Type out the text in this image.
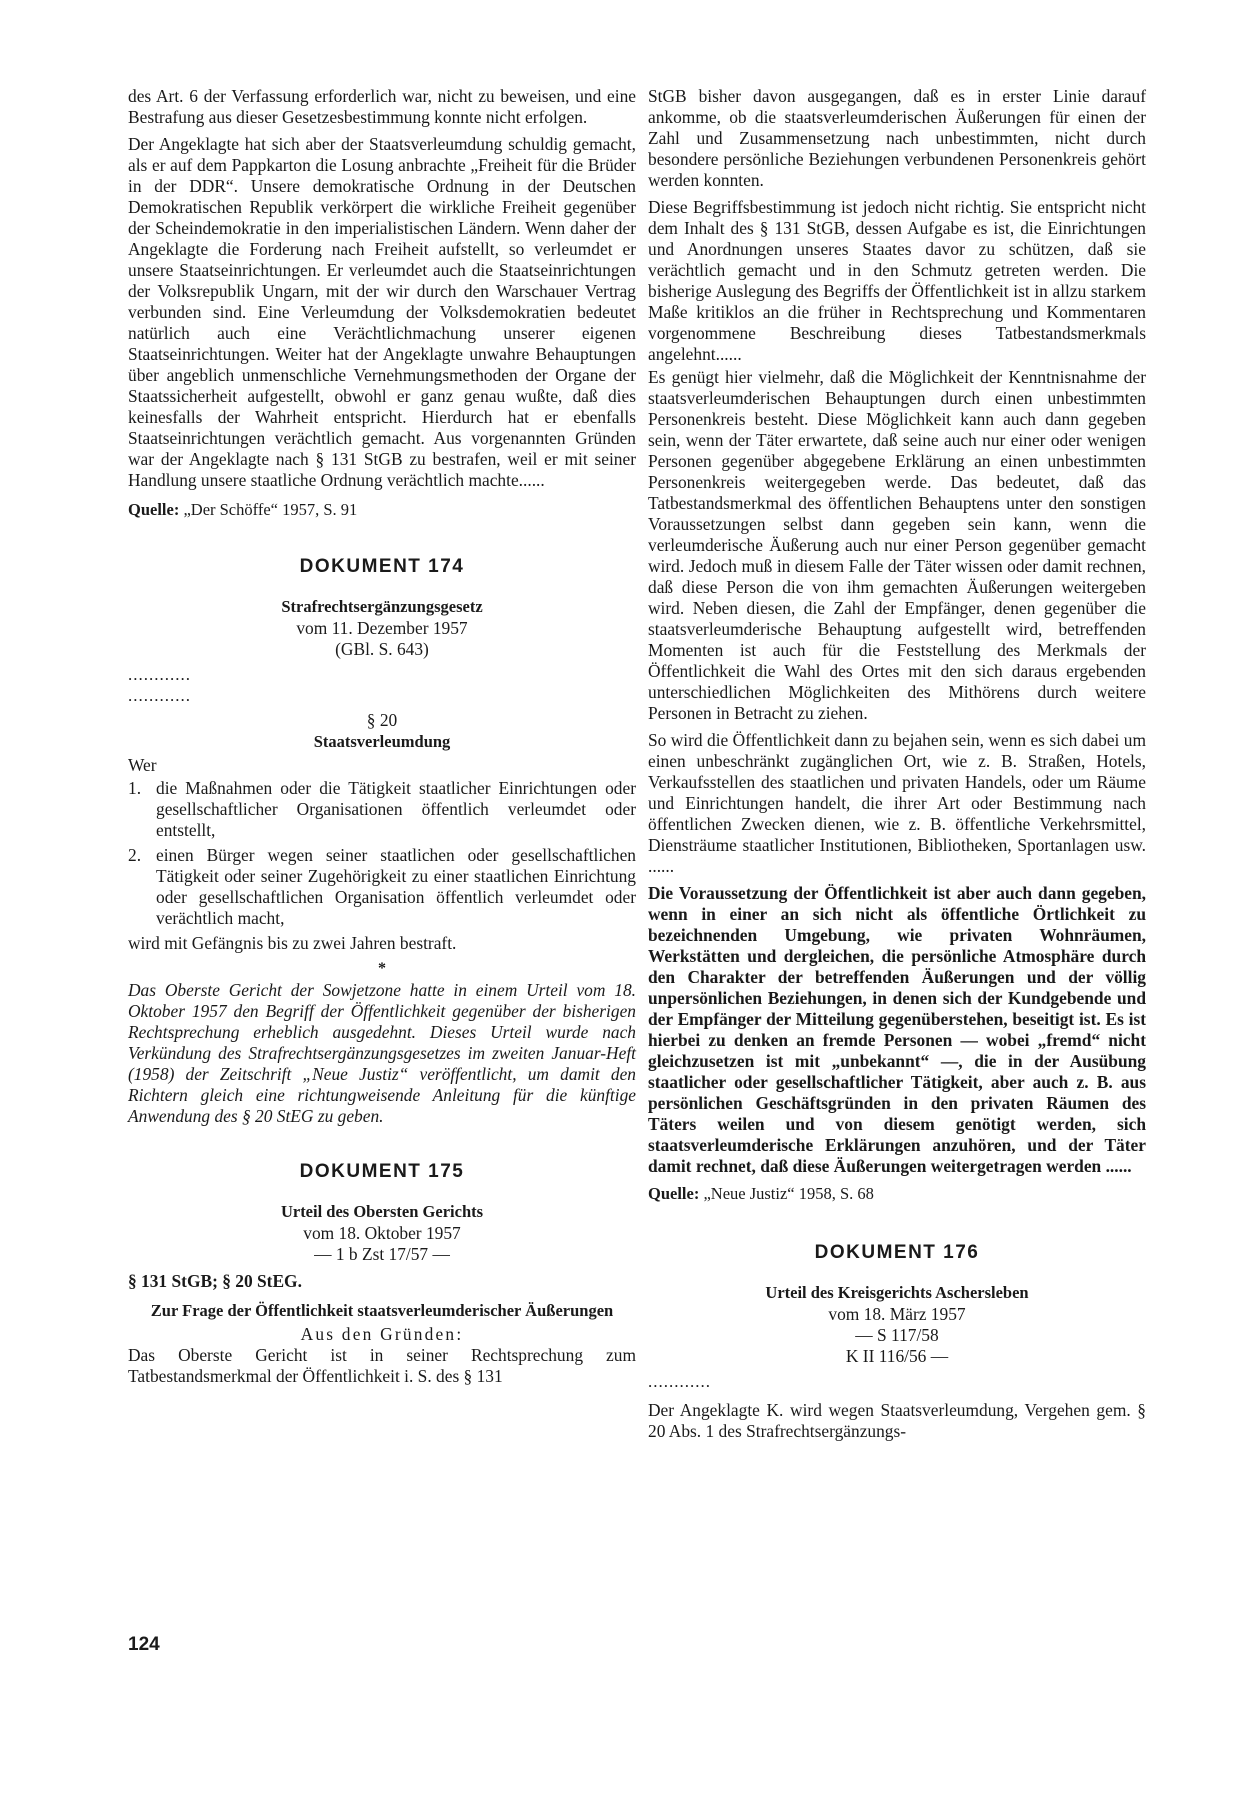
des Art. 6 der Verfassung erforderlich war, nicht zu beweisen, und eine Bestrafung aus dieser Gesetzesbestimmung konnte nicht erfolgen.

Der Angeklagte hat sich aber der Staatsverleumdung schuldig gemacht, als er auf dem Pappkarton die Losung anbrachte „Freiheit für die Brüder in der DDR“. Unsere demokratische Ordnung in der Deutschen Demokratischen Republik verkörpert die wirkliche Freiheit gegenüber der Scheindemokratie in den imperialistischen Ländern. Wenn daher der Angeklagte die Forderung nach Freiheit aufstellt, so verleumdet er unsere Staatseinrichtungen. Er verleumdet auch die Staatseinrichtungen der Volksrepublik Ungarn, mit der wir durch den Warschauer Vertrag verbunden sind. Eine Verleumdung der Volksdemokratien bedeutet natürlich auch eine Verächtlichmachung unserer eigenen Staatseinrichtungen. Weiter hat der Angeklagte unwahre Behauptungen über angeblich unmenschliche Vernehmungsmethoden der Organe der Staatssicherheit aufgestellt, obwohl er ganz genau wußte, daß dies keinesfalls der Wahrheit entspricht. Hierdurch hat er ebenfalls Staatseinrichtungen verächtlich gemacht. Aus vorgenannten Gründen war der Angeklagte nach § 131 StGB zu bestrafen, weil er mit seiner Handlung unsere staatliche Ordnung verächtlich machte......

Quelle: „Der Schöffe“ 1957, S. 91

DOKUMENT 174

Strafrechtsergänzungsgesetz

vom 11. Dezember 1957

(GBl. S. 643)

............

............

§ 20

Staatsverleumdung

Wer

1. die Maßnahmen oder die Tätigkeit staatlicher Einrichtungen oder gesellschaftlicher Organisationen öffentlich verleumdet oder entstellt,
2. einen Bürger wegen seiner staatlichen oder gesellschaftlichen Tätigkeit oder seiner Zugehörigkeit zu einer staatlichen Einrichtung oder gesellschaftlichen Organisation öffentlich verleumdet oder verächtlich macht,

wird mit Gefängnis bis zu zwei Jahren bestraft.

*

Das Oberste Gericht der Sowjetzone hatte in einem Urteil vom 18. Oktober 1957 den Begriff der Öffentlichkeit gegenüber der bisherigen Rechtsprechung erheblich ausgedehnt. Dieses Urteil wurde nach Verkündung des Strafrechtsergänzungsgesetzes im zweiten Januar-Heft (1958) der Zeitschrift „Neue Justiz“ veröffentlicht, um damit den Richtern gleich eine richtungweisende Anleitung für die künftige Anwendung des § 20 StEG zu geben.

DOKUMENT 175

Urteil des Obersten Gerichts

vom 18. Oktober 1957

— 1 b Zst 17/57 —

§ 131 StGB; § 20 StEG.

Zur Frage der Öffentlichkeit staatsverleumderischer Äußerungen

Aus den Gründen:

Das Oberste Gericht ist in seiner Rechtsprechung zum Tatbestandsmerkmal der Öffentlichkeit i. S. des § 131

StGB bisher davon ausgegangen, daß es in erster Linie darauf ankomme, ob die staatsverleumderischen Äußerungen für einen der Zahl und Zusammensetzung nach unbestimmten, nicht durch besondere persönliche Beziehungen verbundenen Personenkreis gehört werden konnten.

Diese Begriffsbestimmung ist jedoch nicht richtig. Sie entspricht nicht dem Inhalt des § 131 StGB, dessen Aufgabe es ist, die Einrichtungen und Anordnungen unseres Staates davor zu schützen, daß sie verächtlich gemacht und in den Schmutz getreten werden. Die bisherige Auslegung des Begriffs der Öffentlichkeit ist in allzu starkem Maße kritiklos an die früher in Rechtsprechung und Kommentaren vorgenommene Beschreibung dieses Tatbestandsmerkmals angelehnt......

Es genügt hier vielmehr, daß die Möglichkeit der Kenntnisnahme der staatsverleumderischen Behauptungen durch einen unbestimmten Personenkreis besteht. Diese Möglichkeit kann auch dann gegeben sein, wenn der Täter erwartete, daß seine auch nur einer oder wenigen Personen gegenüber abgegebene Erklärung an einen unbestimmten Personenkreis weitergegeben werde. Das bedeutet, daß das Tatbestandsmerkmal des öffentlichen Behauptens unter den sonstigen Voraussetzungen selbst dann gegeben sein kann, wenn die verleumderische Äußerung auch nur einer Person gegenüber gemacht wird. Jedoch muß in diesem Falle der Täter wissen oder damit rechnen, daß diese Person die von ihm gemachten Äußerungen weitergeben wird. Neben diesen, die Zahl der Empfänger, denen gegenüber die staatsverleumderische Behauptung aufgestellt wird, betreffenden Momenten ist auch für die Feststellung des Merkmals der Öffentlichkeit die Wahl des Ortes mit den sich daraus ergebenden unterschiedlichen Möglichkeiten des Mithörens durch weitere Personen in Betracht zu ziehen.

So wird die Öffentlichkeit dann zu bejahen sein, wenn es sich dabei um einen unbeschränkt zugänglichen Ort, wie z. B. Straßen, Hotels, Verkaufsstellen des staatlichen und privaten Handels, oder um Räume und Einrichtungen handelt, die ihrer Art oder Bestimmung nach öffentlichen Zwecken dienen, wie z. B. öffentliche Verkehrsmittel, Diensträume staatlicher Institutionen, Bibliotheken, Sportanlagen usw. ......

Die Voraussetzung der Öffentlichkeit ist aber auch dann gegeben, wenn in einer an sich nicht als öffentliche Örtlichkeit zu bezeichnenden Umgebung, wie privaten Wohnräumen, Werkstätten und dergleichen, die persönliche Atmosphäre durch den Charakter der betreffenden Äußerungen und der völlig unpersönlichen Beziehungen, in denen sich der Kundgebende und der Empfänger der Mitteilung gegenüberstehen, beseitigt ist. Es ist hierbei zu denken an fremde Personen — wobei „fremd“ nicht gleichzusetzen ist mit „unbekannt“ —, die in der Ausübung staatlicher oder gesellschaftlicher Tätigkeit, aber auch z. B. aus persönlichen Geschäftsgründen in den privaten Räumen des Täters weilen und von diesem genötigt werden, sich staatsverleumderische Erklärungen anzuhören, und der Täter damit rechnet, daß diese Äußerungen weitergetragen werden ......

Quelle: „Neue Justiz“ 1958, S. 68

DOKUMENT 176

Urteil des Kreisgerichts Aschersleben

vom 18. März 1957

— S 117/58

K II 116/56 —

............

Der Angeklagte K. wird wegen Staatsverleumdung, Vergehen gem. § 20 Abs. 1 des Strafrechtsergänzungs-

124
